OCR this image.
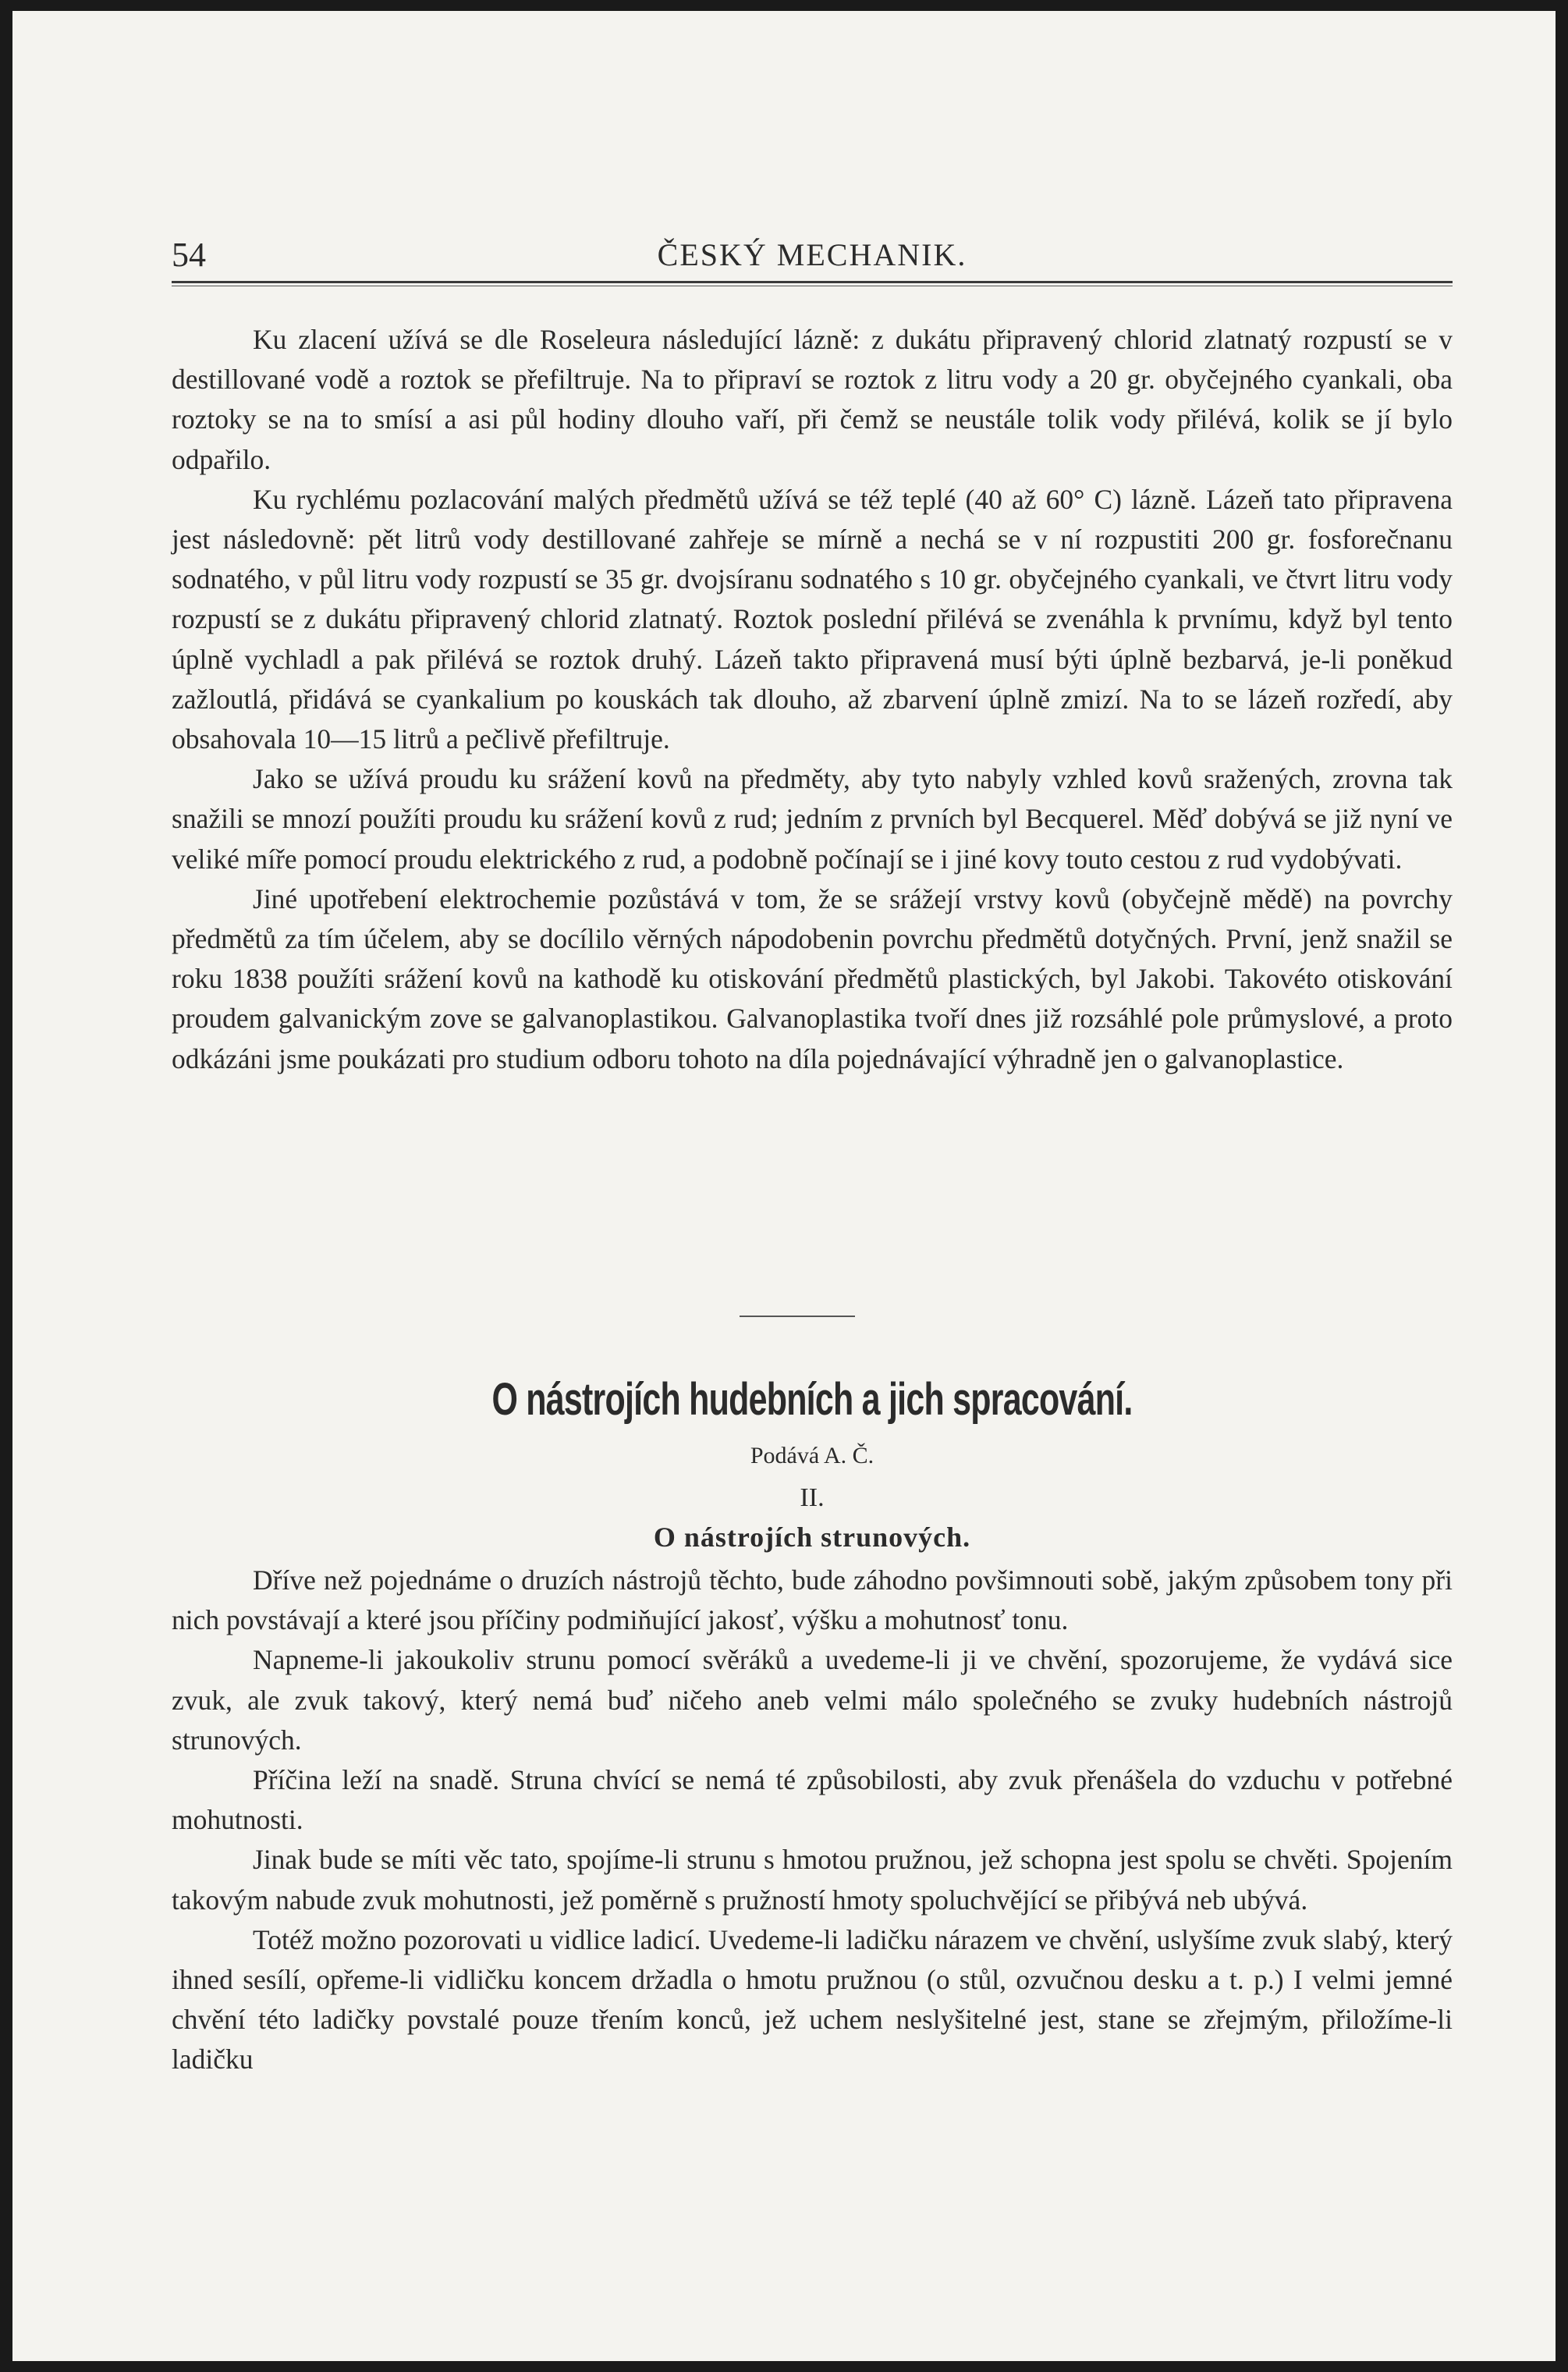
54	ČESKÝ MECHANIK.

Ku zlacení užívá se dle Roseleura následující lázně: z dukátu připravený chlorid zlatnatý rozpustí se v destillované vodě a roztok se přefiltruje. Na to připraví se roztok z litru vody a 20 gr. obyčejného cyankali, oba roztoky se na to smísí a asi půl hodiny dlouho vaří, při čemž se neustále tolik vody přilévá, kolik se jí bylo odpařilo.

Ku rychlému pozlacování malých předmětů užívá se též teplé (40 až 60° C) lázně. Lázeň tato připravena jest následovně: pět litrů vody destillované zahřeje se mírně a nechá se v ní rozpustiti 200 gr. fosforečnanu sodnatého, v půl litru vody rozpustí se 35 gr. dvojsíranu sodnatého s 10 gr. obyčejného cyankali, ve čtvrt litru vody rozpustí se z dukátu připravený chlorid zlatnatý. Roztok poslední přilévá se zvenáhla k prvnímu, když byl tento úplně vychladl a pak přilévá se roztok druhý. Lázeň takto připravená musí býti úplně bezbarvá, je-li poněkud zažloutlá, přidává se cyankalium po kouskách tak dlouho, až zbarvení úplně zmizí. Na to se lázeň rozředí, aby obsahovala 10—15 litrů a pečlivě přefiltruje.

Jako se užívá proudu ku srážení kovů na předměty, aby tyto nabyly vzhled kovů sražených, zrovna tak snažili se mnozí použíti proudu ku srážení kovů z rud; jedním z prvních byl Becquerel. Měď dobývá se již nyní ve veliké míře pomocí proudu elektrického z rud, a podobně počínají se i jiné kovy touto cestou z rud vydobývati.

Jiné upotřebení elektrochemie pozůstává v tom, že se srážejí vrstvy kovů (obyčejně mědě) na povrchy předmětů za tím účelem, aby se docílilo věrných nápodobenin povrchu předmětů dotyčných. První, jenž snažil se roku 1838 použíti srážení kovů na kathodě ku otiskování předmětů plastických, byl Jakobi. Takovéto otiskování proudem galvanickým zove se galvanoplastikou. Galvanoplastika tvoří dnes již rozsáhlé pole průmyslové, a proto odkázáni jsme poukázati pro studium odboru tohoto na díla pojednávající výhradně jen o galvanoplastice.

O nástrojích hudebních a jich spracování.
Podává A. Č.
II.
O nástrojích strunových.

Dříve než pojednáme o druzích nástrojů těchto, bude záhodno povšimnouti sobě, jakým způsobem tony při nich povstávají a které jsou příčiny podmiňující jakosť, výšku a mohutnosť tonu.

Napneme-li jakoukoliv strunu pomocí svěráků a uvedeme-li ji ve chvění, spozorujeme, že vydává sice zvuk, ale zvuk takový, který nemá buď ničeho aneb velmi málo společného se zvuky hudebních nástrojů strunových.

Příčina leží na snadě. Struna chvící se nemá té způsobilosti, aby zvuk přenášela do vzduchu v potřebné mohutnosti.

Jinak bude se míti věc tato, spojíme-li strunu s hmotou pružnou, jež schopna jest spolu se chvěti. Spojením takovým nabude zvuk mohutnosti, jež poměrně s pružností hmoty spoluchvějící se přibývá neb ubývá.

Totéž možno pozorovati u vidlice ladicí. Uvedeme-li ladičku nárazem ve chvění, uslyšíme zvuk slabý, který ihned sesílí, opřeme-li vidličku koncem držadla o hmotu pružnou (o stůl, ozvučnou desku a t. p.) I velmi jemné chvění této ladičky povstalé pouze třením konců, jež uchem neslyšitelné jest, stane se zřejmým, přiložíme-li ladičku
